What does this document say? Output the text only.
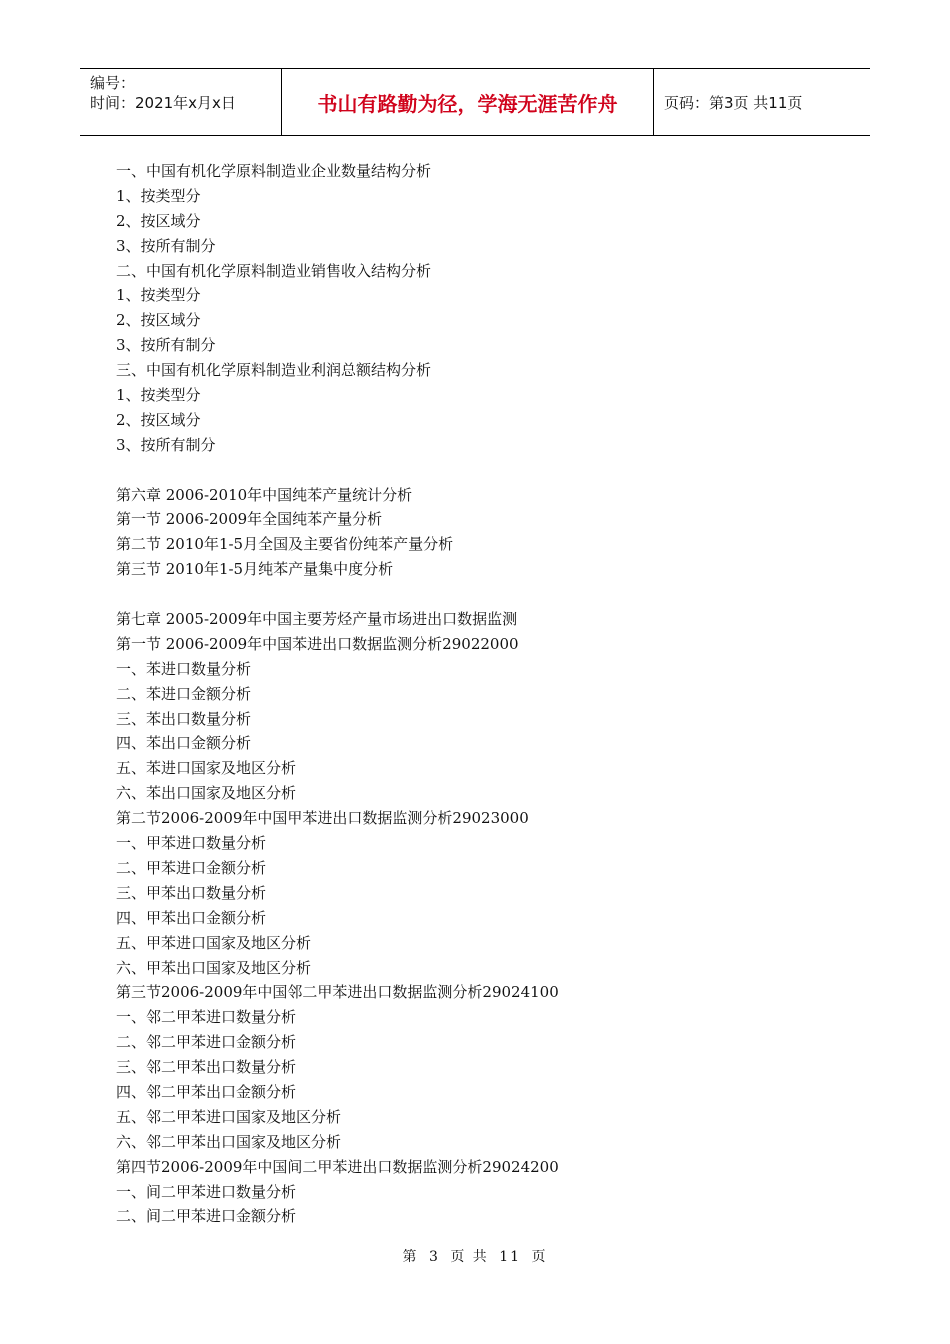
编号：
时间：2021年x月x日	书山有路勤为径，学海无涯苦作舟	页码：第3页 共11页
一、中国有机化学原料制造业企业数量结构分析
1、按类型分
2、按区域分
3、按所有制分
二、中国有机化学原料制造业销售收入结构分析
1、按类型分
2、按区域分
3、按所有制分
三、中国有机化学原料制造业利润总额结构分析
1、按类型分
2、按区域分
3、按所有制分
第六章 2006-2010年中国纯苯产量统计分析
第一节 2006-2009年全国纯苯产量分析
第二节 2010年1-5月全国及主要省份纯苯产量分析
第三节 2010年1-5月纯苯产量集中度分析
第七章 2005-2009年中国主要芳烃产量市场进出口数据监测
第一节 2006-2009年中国苯进出口数据监测分析29022000
一、苯进口数量分析
二、苯进口金额分析
三、苯出口数量分析
四、苯出口金额分析
五、苯进口国家及地区分析
六、苯出口国家及地区分析
第二节2006-2009年中国甲苯进出口数据监测分析29023000
一、甲苯进口数量分析
二、甲苯进口金额分析
三、甲苯出口数量分析
四、甲苯出口金额分析
五、甲苯进口国家及地区分析
六、甲苯出口国家及地区分析
第三节2006-2009年中国邻二甲苯进出口数据监测分析29024100
一、邻二甲苯进口数量分析
二、邻二甲苯进口金额分析
三、邻二甲苯出口数量分析
四、邻二甲苯出口金额分析
五、邻二甲苯进口国家及地区分析
六、邻二甲苯出口国家及地区分析
第四节2006-2009年中国间二甲苯进出口数据监测分析29024200
一、间二甲苯进口数量分析
二、间二甲苯进口金额分析
第 3 页 共 11 页
